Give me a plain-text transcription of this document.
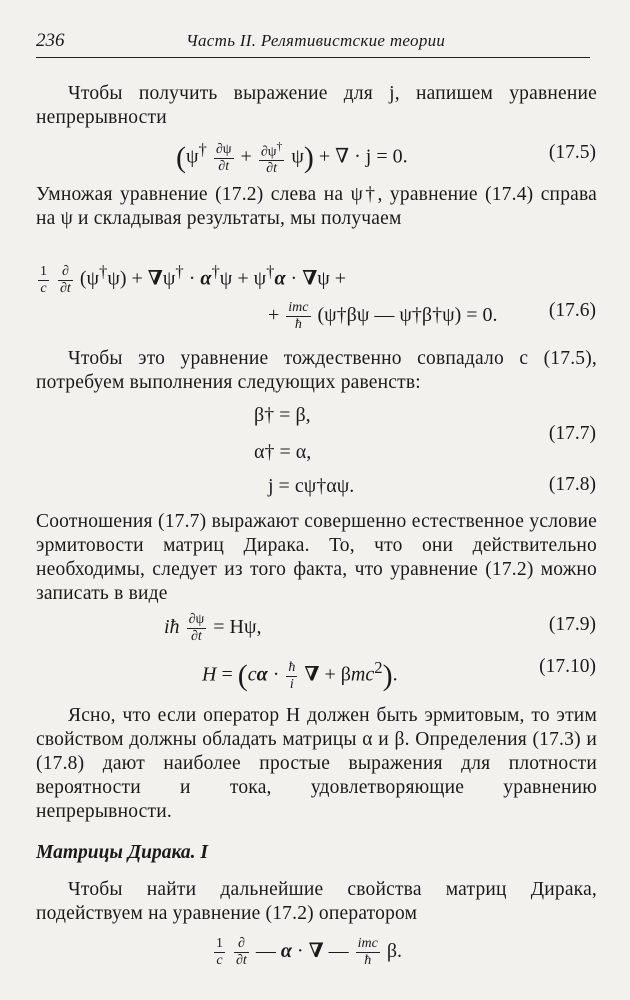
236	Часть II. Релятивистские теории

Чтобы получить выражение для j, напишем уравнение непрерывности

$(\psi^\dagger \frac{\partial\psi}{\partial t} + \frac{\partial\psi^\dagger}{\partial t} \psi)$ + ∇ · j = 0.	(17.5)

Умножая уравнение (17.2) слева на ψ†, уравнение (17.4) справа на ψ и складывая результаты, мы получаем

$\frac{1}{c}$
$\frac{\partial}{\partial t} (\psi^\dagger\psi) + \nabla\psi^\dagger \cdot \alpha^\dagger\psi + \psi^\dagger\alpha \cdot \nabla\psi$ +
+ $\frac{\text{imc}}{ħ}$ (ψ†βψ — ψ†β†ψ) = 0.	(17.6)

Чтобы это уравнение тождественно совпадало с (17.5), потребуем выполнения следующих равенств:

β† = β,
α† = α,
(17.7)
j = cψ†αψ.	(17.8)

Соотношения (17.7) выражают совершенно естественное условие эрмитовости матриц Дирака. То, что они действительно необходимы, следует из того факта, что уравнение (17.2) можно записать в виде

iħ $\frac{\partial\psi}{\partial t} = H\psi$,	(17.9)
$H = (c\alpha \cdot \frac{ħ}{i}$ ∇ + βmc$^2$).	(17.10)

Ясно, что если оператор H должен быть эрмитовым, то этим свойством должны обладать матрицы α и β. Определения (17.3) и (17.8) дают наиболее простые выражения для плотности вероятности и тока, удовлетворяющие уравнению непрерывности.

Матрицы Дирака. I

Чтобы найти дальнейшие свойства матриц Дирака, подействуем на уравнение (17.2) оператором

$\frac{1}{c}$
$\frac{\partial}{\partial t}$ — α · ∇ — $\frac{\text{imc}}{ħ} \beta$.
